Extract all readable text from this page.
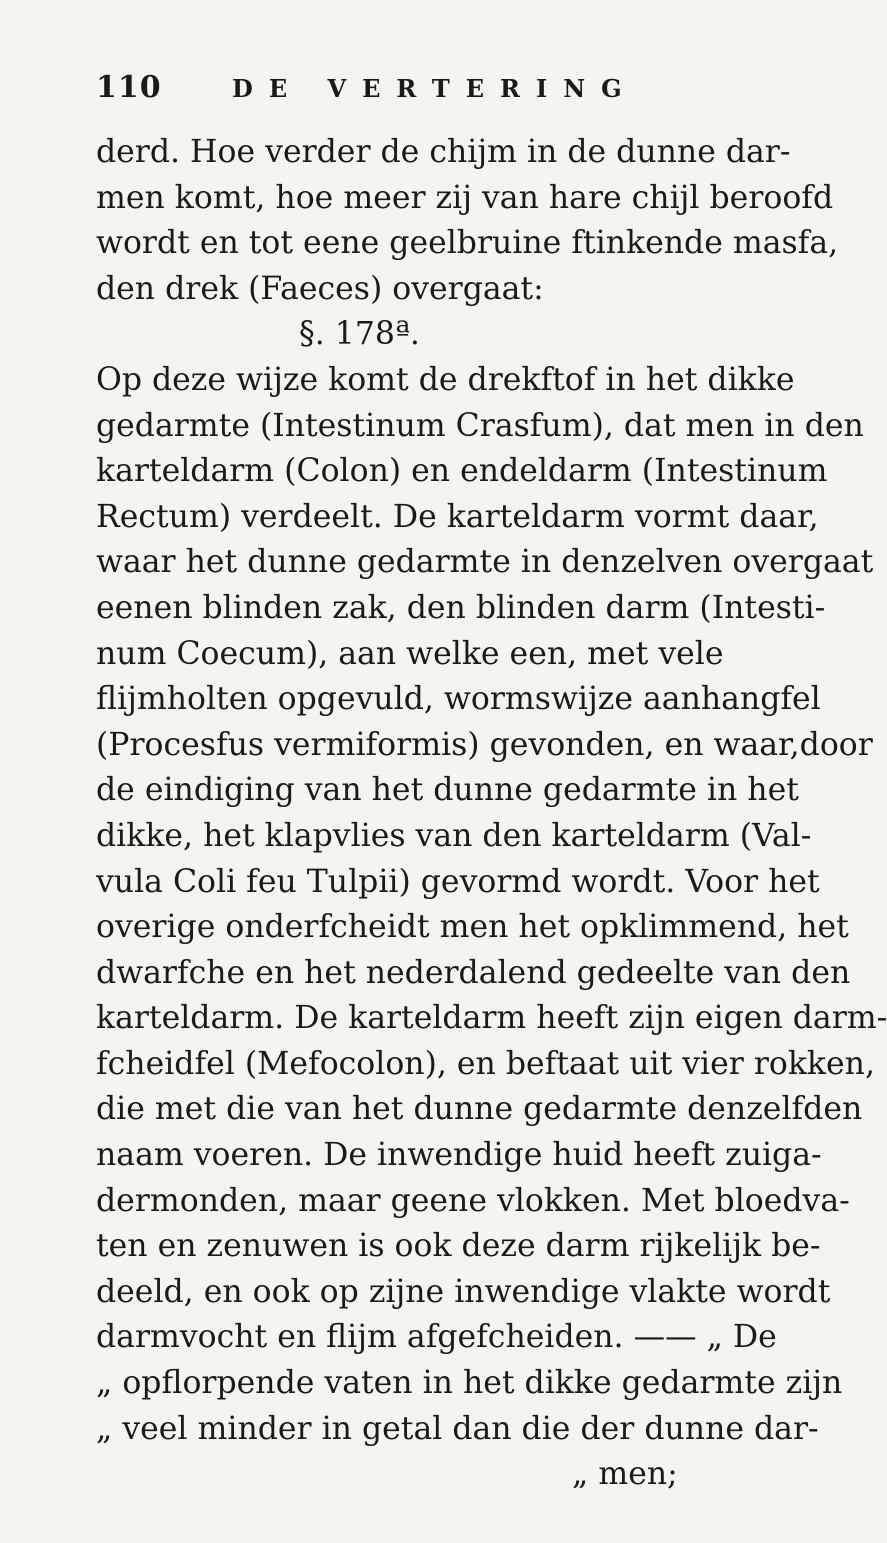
110	DE VERTERING

derd. Hoe verder de chijm in de dunne dar-

men komt, hoe meer zij van hare chijl beroofd

wordt en tot eene geelbruine ftinkende masfa,

den drek (Faeces) overgaat:

§. 178ª.

Op deze wijze komt de drekftof in het dikke

gedarmte (Intestinum Crasfum), dat men in den

karteldarm (Colon) en endeldarm (Intestinum

Rectum) verdeelt. De karteldarm vormt daar,

waar het dunne gedarmte in denzelven overgaat

eenen blinden zak, den blinden darm (Intesti-

num Coecum), aan welke een, met vele

flijmholten opgevuld, wormswijze aanhangfel

(Procesfus vermiformis) gevonden, en waar,door

de eindiging van het dunne gedarmte in het

dikke, het klapvlies van den karteldarm (Val-

vula Coli feu Tulpii) gevormd wordt. Voor het

overige onderfcheidt men het opklimmend, het

dwarfche en het nederdalend gedeelte van den

karteldarm. De karteldarm heeft zijn eigen darm-

fcheidfel (Mefocolon), en beftaat uit vier rokken,

die met die van het dunne gedarmte denzelfden

naam voeren. De inwendige huid heeft zuiga-

dermonden, maar geene vlokken. Met bloedva-

ten en zenuwen is ook deze darm rijkelijk be-

deeld, en ook op zijne inwendige vlakte wordt

darmvocht en flijm afgefcheiden. —— „ De

„ opflorpende vaten in het dikke gedarmte zijn

„ veel minder in getal dan die der dunne dar-

„ men;
